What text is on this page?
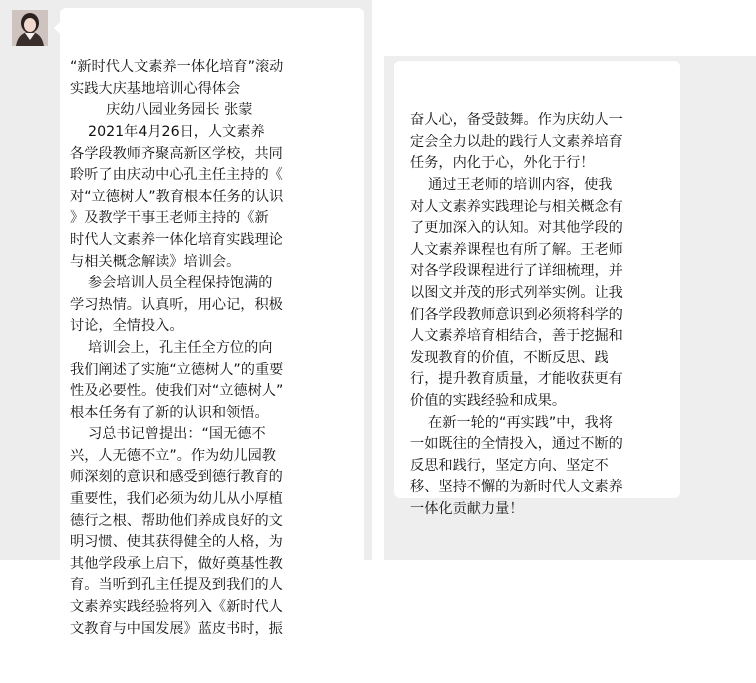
“新时代人文素养一体化培育”滚动
实践大庆基地培训心得体会
庆幼八园业务园长 张蒙
2021年4月26日，人文素养
各学段教师齐聚高新区学校，共同
聆听了由庆动中心孔主任主持的《
对“立德树人”教育根本任务的认识
》及教学干事王老师主持的《新
时代人文素养一体化培育实践理论
与相关概念解读》培训会。
参会培训人员全程保持饱满的
学习热情。认真听，用心记，积极
讨论，全情投入。
培训会上，孔主任全方位的向
我们阐述了实施“立德树人”的重要
性及必要性。使我们对“立德树人”
根本任务有了新的认识和领悟。
习总书记曾提出：“国无德不
兴，人无德不立”。作为幼儿园教
师深刻的意识和感受到德行教育的
重要性，我们必须为幼儿从小厚植
德行之根、帮助他们养成良好的文
明习惯、使其获得健全的人格，为
其他学段承上启下，做好奠基性教
育。当听到孔主任提及到我们的人
文素养实践经验将列入《新时代人
文教育与中国发展》蓝皮书时，振

奋人心，备受鼓舞。作为庆幼人一
定会全力以赴的践行人文素养培育
任务，内化于心，外化于行！
通过王老师的培训内容，使我
对人文素养实践理论与相关概念有
了更加深入的认知。对其他学段的
人文素养课程也有所了解。王老师
对各学段课程进行了详细梳理，并
以图文并茂的形式列举实例。让我
们各学段教师意识到必须将科学的
人文素养培育相结合，善于挖掘和
发现教育的价值，不断反思、践
行，提升教育质量，才能收获更有
价值的实践经验和成果。
在新一轮的“再实践”中，我将
一如既往的全情投入，通过不断的
反思和践行，坚定方向、坚定不
移、坚持不懈的为新时代人文素养
一体化贡献力量！
